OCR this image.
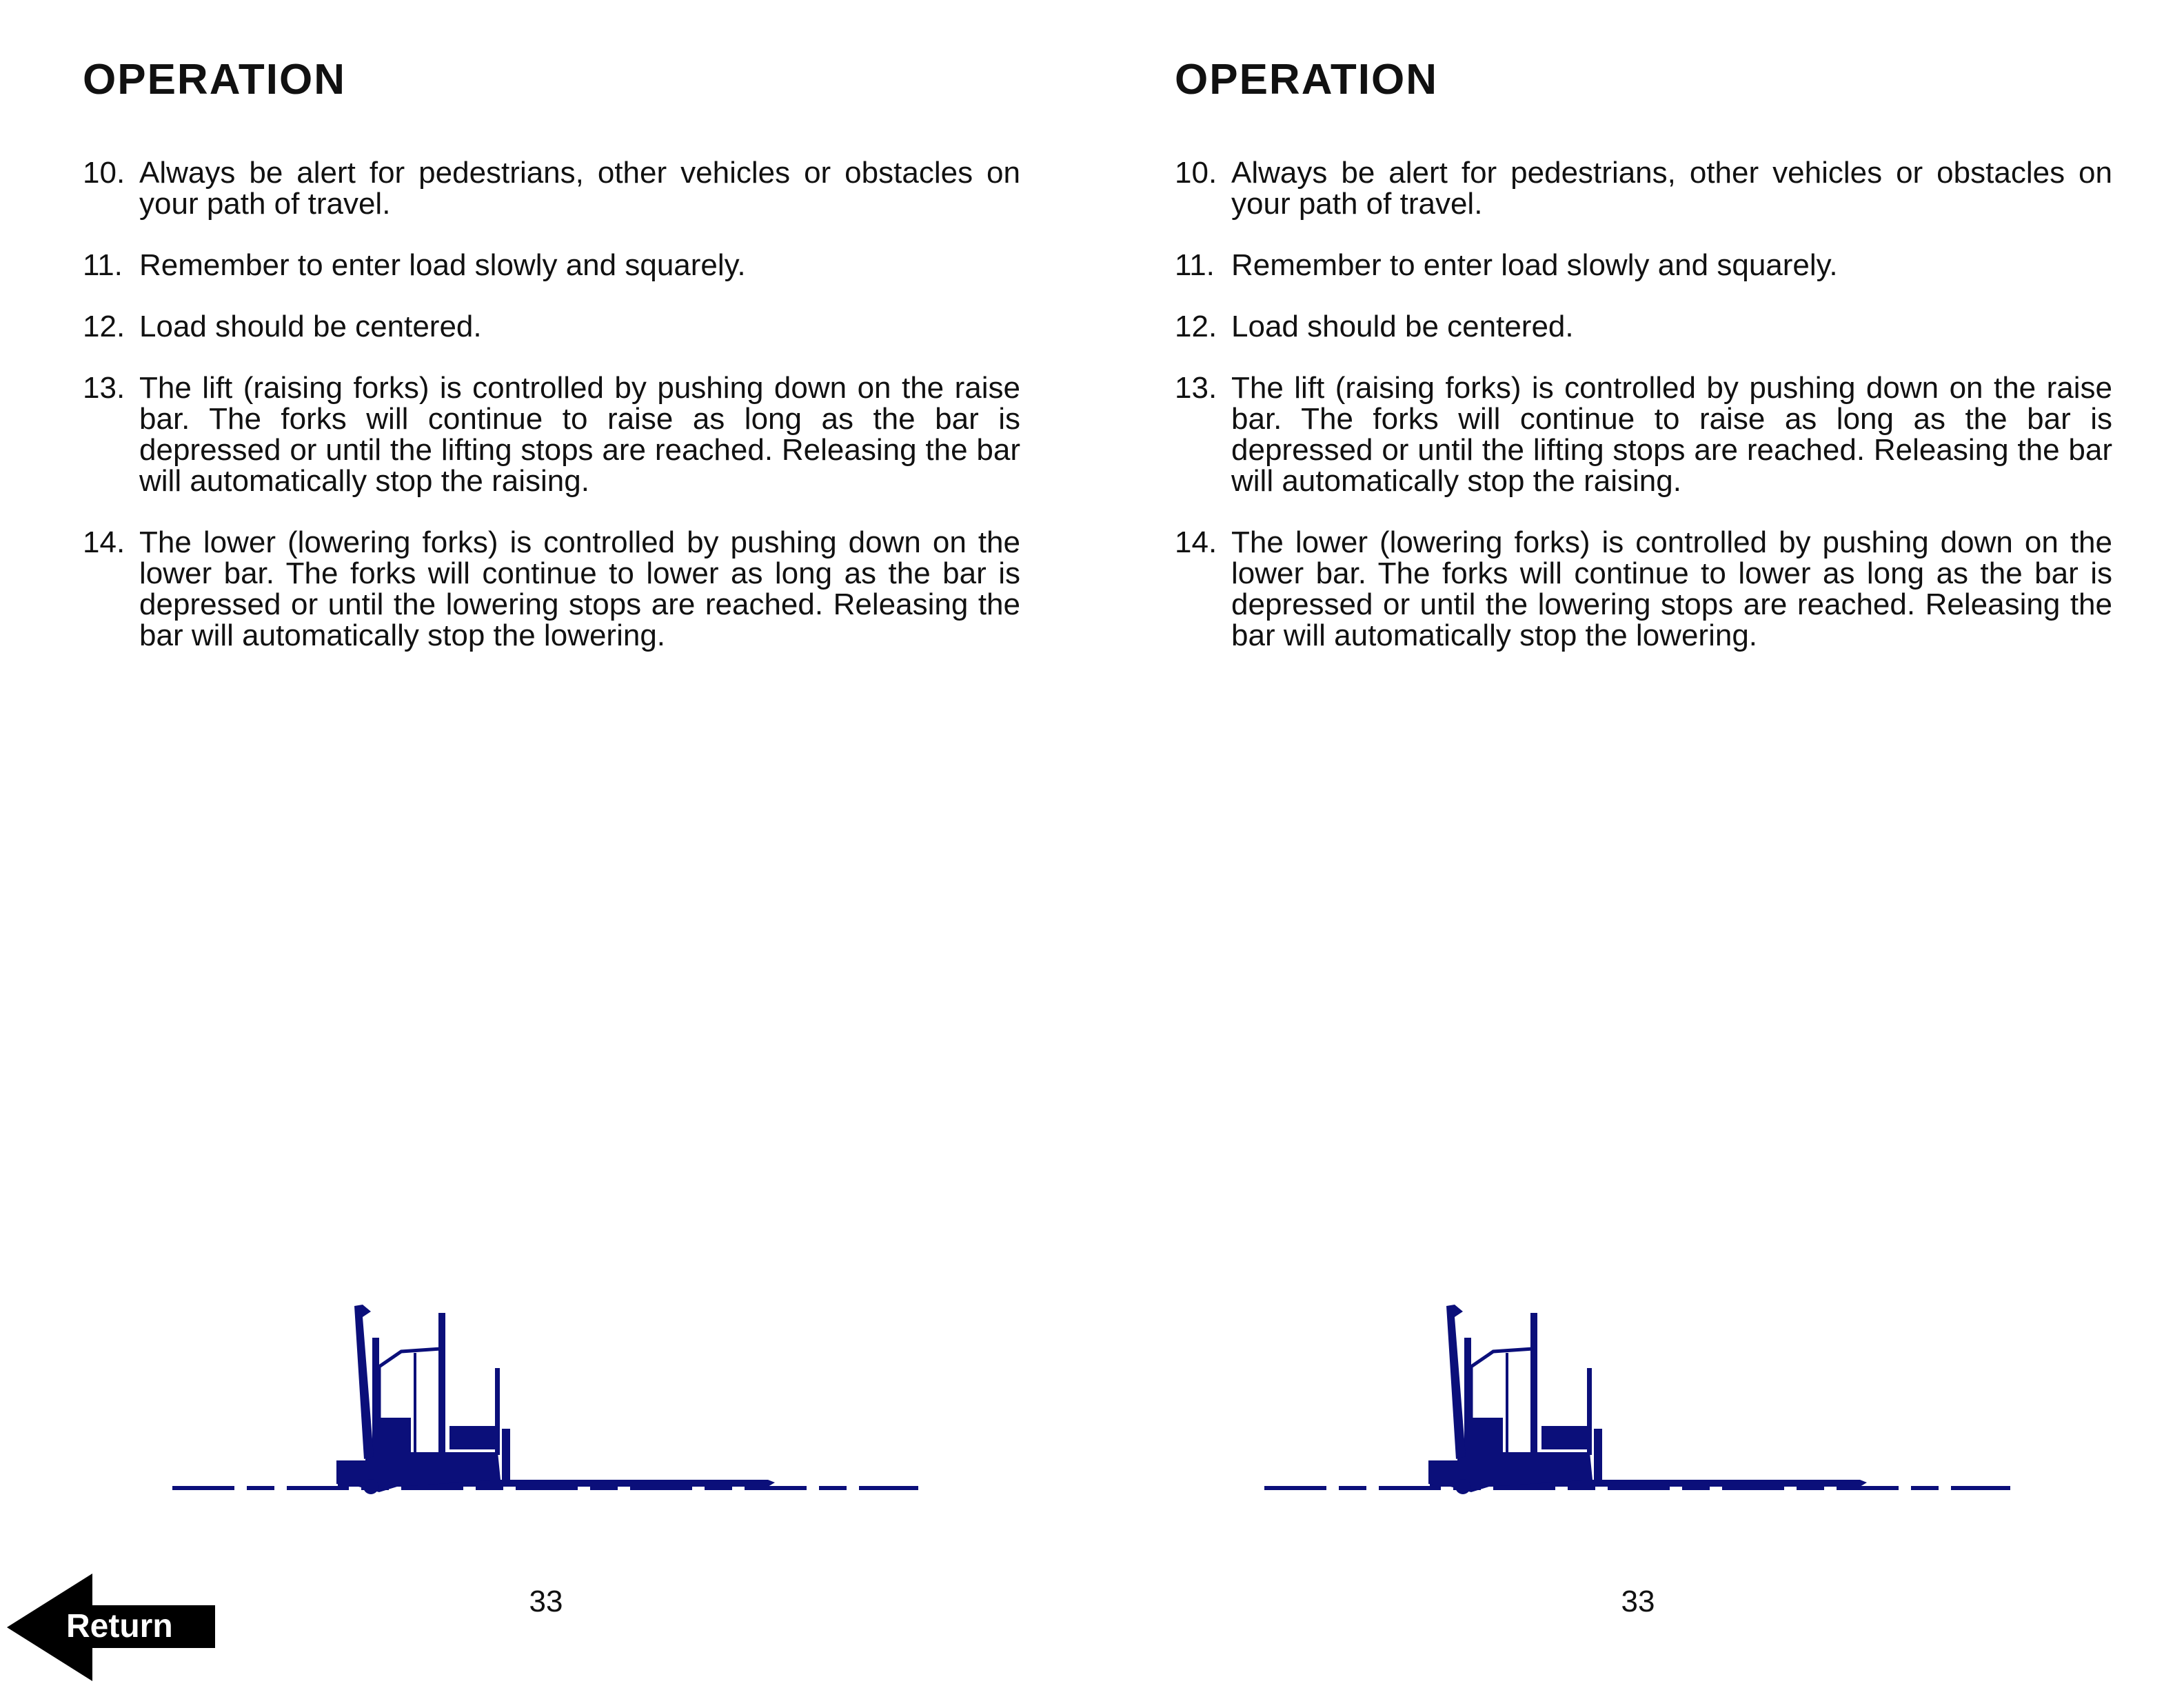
OPERATION
10. Always be alert for pedestrians, other vehicles or obstacles on your path of travel.
11. Remember to enter load slowly and squarely.
12. Load should be centered.
13. The lift (raising forks) is controlled by pushing down on the raise bar. The forks will continue to raise as long as the bar is depressed or until the lifting stops are reached. Releasing the bar will automatically stop the raising.
14. The lower (lowering forks) is controlled by pushing down on the lower bar. The forks will continue to lower as long as the bar is depressed or until the lowering stops are reached. Releasing the bar will automatically stop the lowering.
33
OPERATION
10. Always be alert for pedestrians, other vehicles or obstacles on your path of travel.
11. Remember to enter load slowly and squarely.
12. Load should be centered.
13. The lift (raising forks) is controlled by pushing down on the raise bar. The forks will continue to raise as long as the bar is depressed or until the lifting stops are reached. Releasing the bar will automatically stop the raising.
14. The lower (lowering forks) is controlled by pushing down on the lower bar. The forks will continue to lower as long as the bar is depressed or until the lowering stops are reached. Releasing the bar will automatically stop the lowering.
33
Return
